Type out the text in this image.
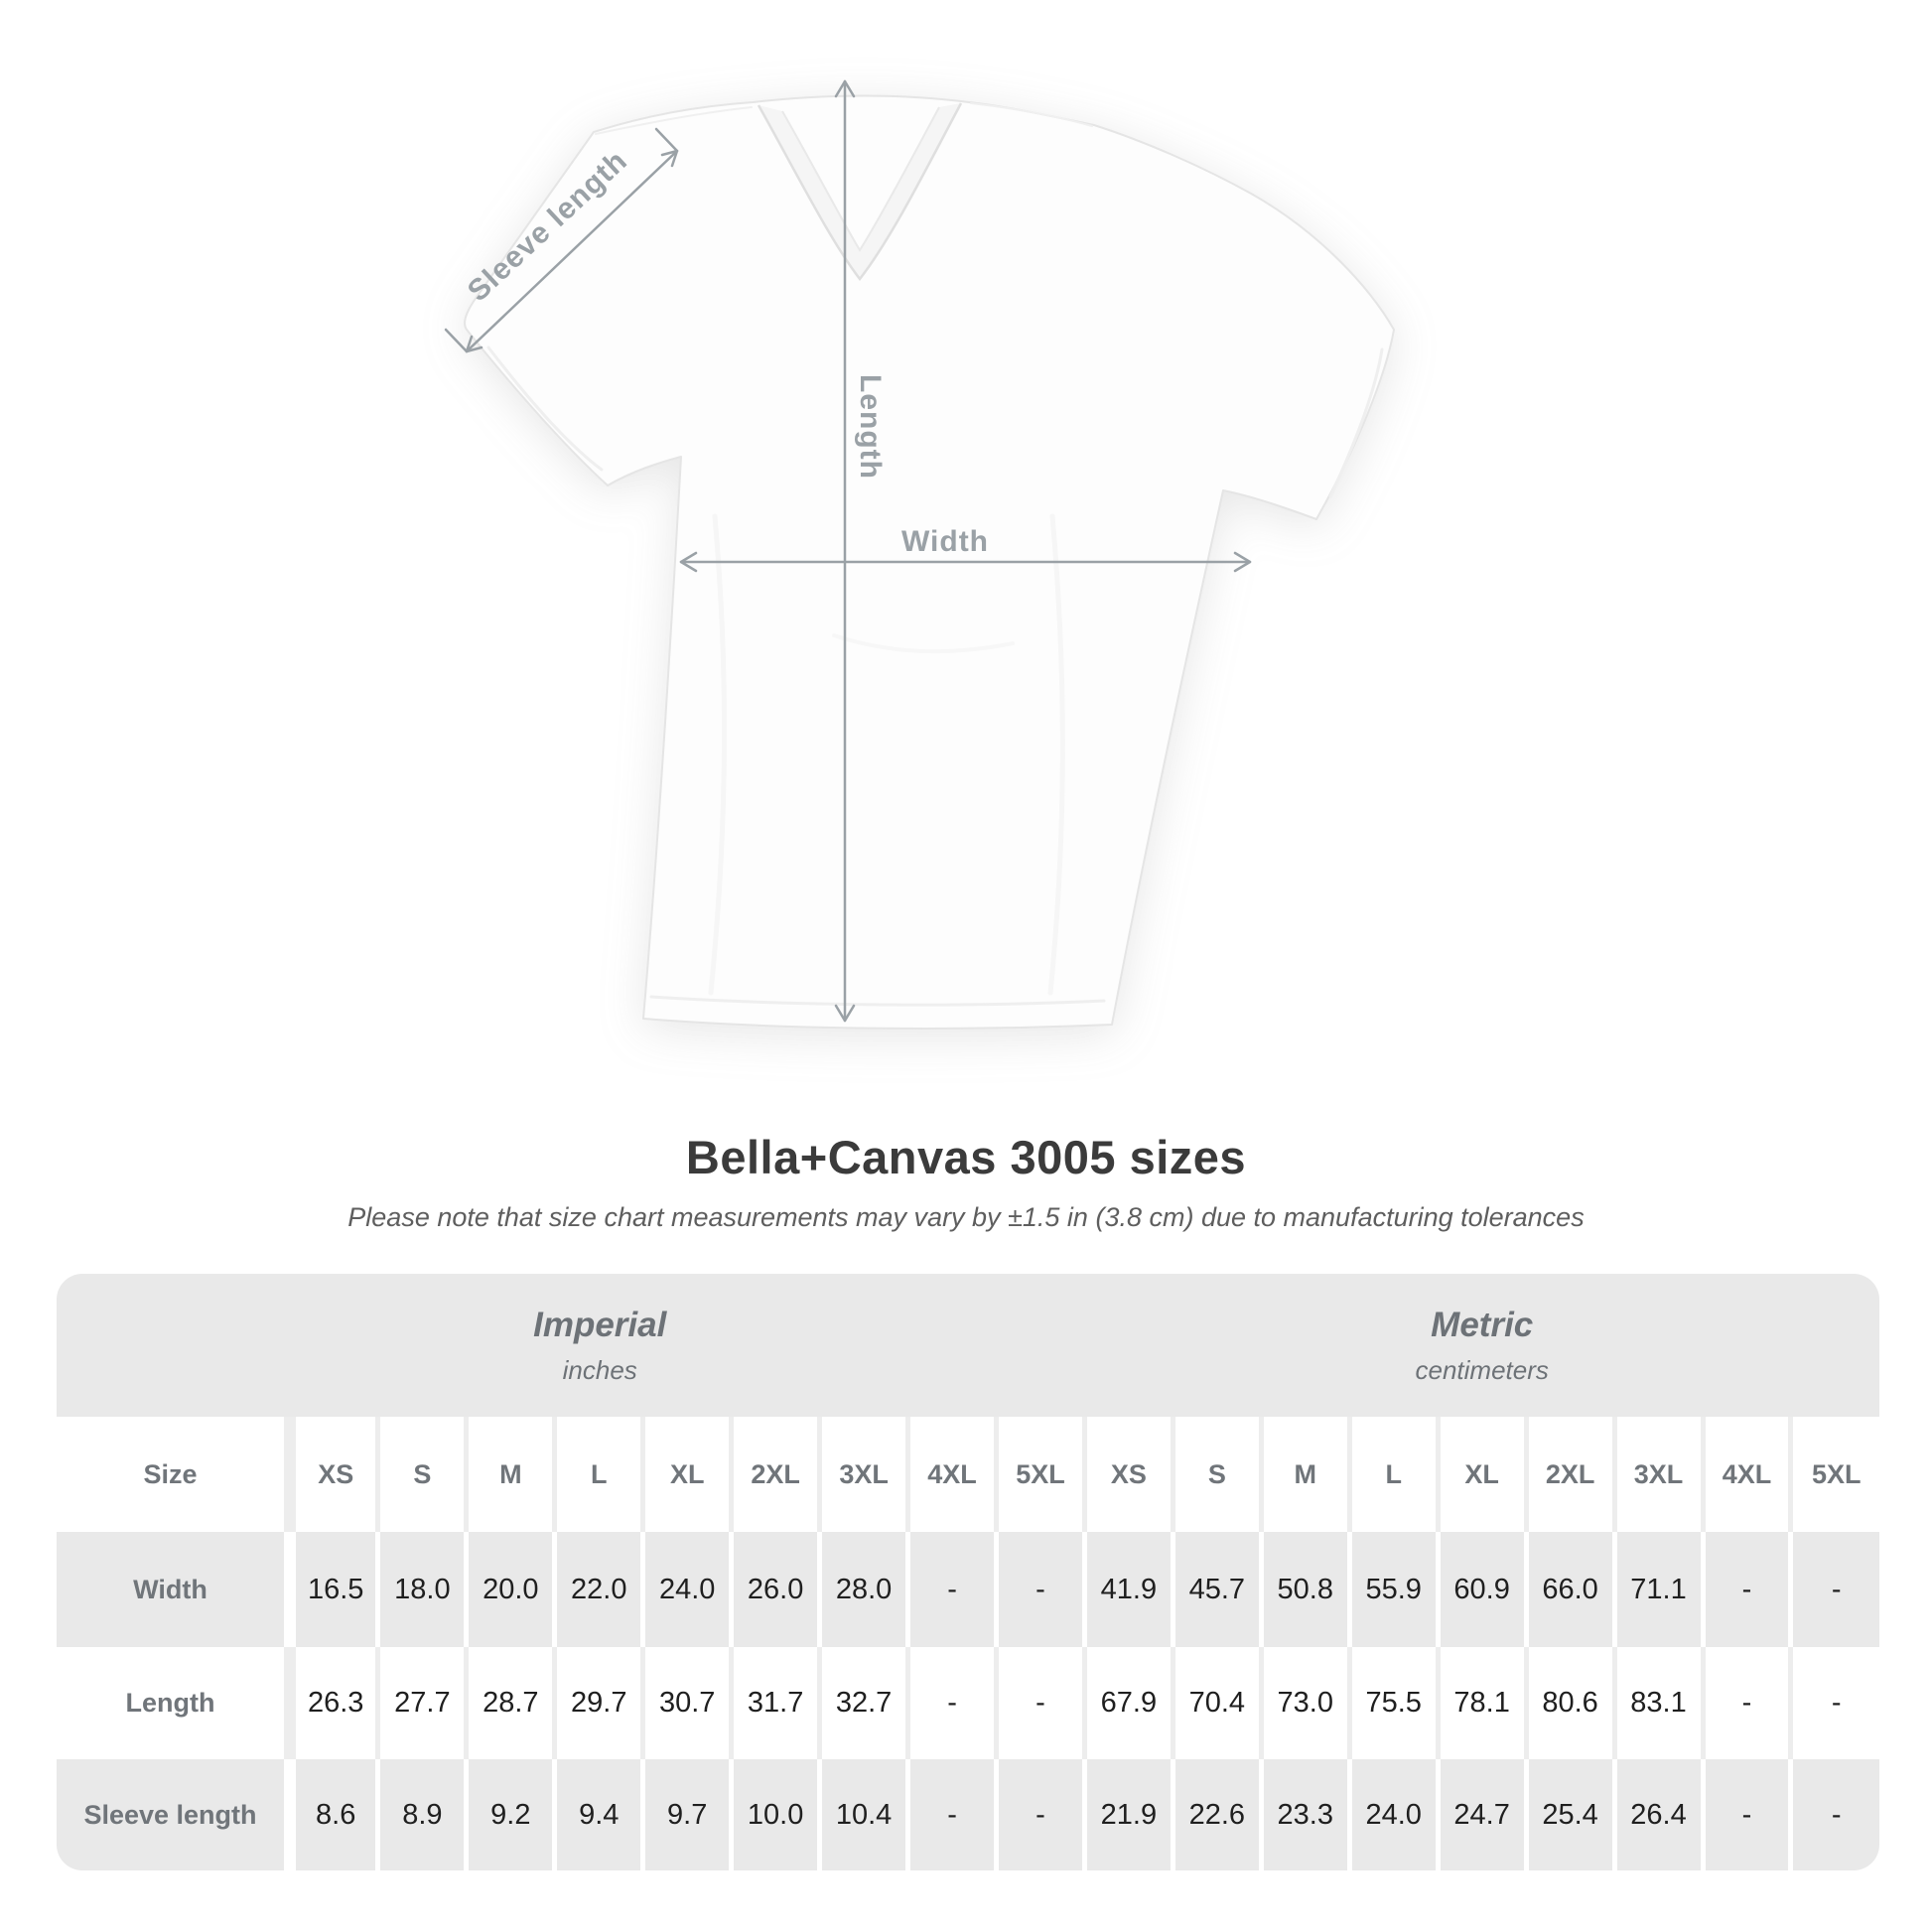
Sleeve length
Length
Width
Bella+Canvas 3005 sizes
Please note that size chart measurements may vary by ±1.5 in (3.8 cm) due to manufacturing tolerances
Imperial
inches

Metric
centimeters

Size	XS	S	M	L	XL	2XL	3XL	4XL	5XL	XS	S	M	L	XL	2XL	3XL	4XL	5XL
Width	16.5	18.0	20.0	22.0	24.0	26.0	28.0	-	-	41.9	45.7	50.8	55.9	60.9	66.0	71.1	-	-
Length	26.3	27.7	28.7	29.7	30.7	31.7	32.7	-	-	67.9	70.4	73.0	75.5	78.1	80.6	83.1	-	-
Sleeve length	8.6	8.9	9.2	9.4	9.7	10.0	10.4	-	-	21.9	22.6	23.3	24.0	24.7	25.4	26.4	-	-
